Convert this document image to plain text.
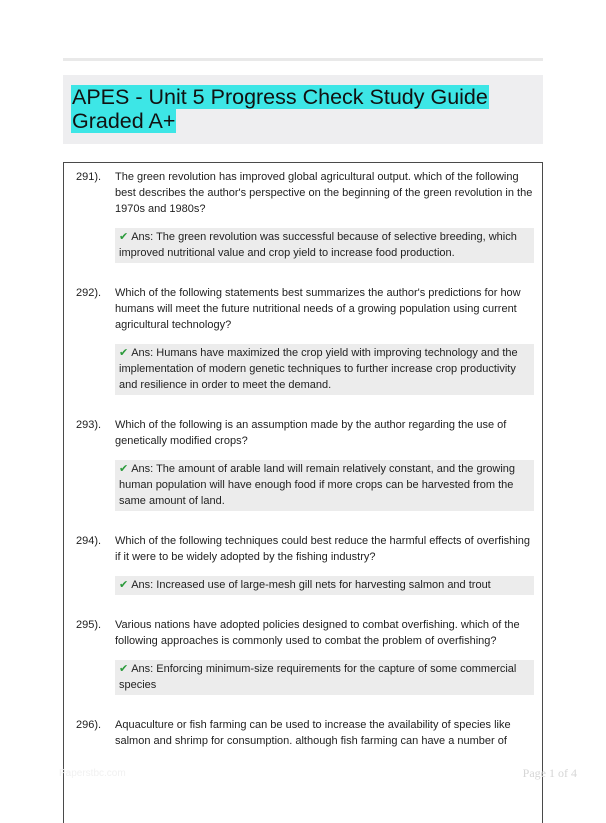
APES - Unit 5 Progress Check Study Guide Graded A+
291). The green revolution has improved global agricultural output. which of the following best describes the author's perspective on the beginning of the green revolution in the 1970s and 1980s?

✔ Ans: The green revolution was successful because of selective breeding, which improved nutritional value and crop yield to increase food production.
292). Which of the following statements best summarizes the author's predictions for how humans will meet the future nutritional needs of a growing population using current agricultural technology?

✔ Ans: Humans have maximized the crop yield with improving technology and the implementation of modern genetic techniques to further increase crop productivity and resilience in order to meet the demand.
293). Which of the following is an assumption made by the author regarding the use of genetically modified crops?

✔ Ans: The amount of arable land will remain relatively constant, and the growing human population will have enough food if more crops can be harvested from the same amount of land.
294). Which of the following techniques could best reduce the harmful effects of overfishing if it were to be widely adopted by the fishing industry?

✔ Ans: Increased use of large-mesh gill nets for harvesting salmon and trout
295). Various nations have adopted policies designed to combat overfishing. which of the following approaches is commonly used to combat the problem of overfishing?

✔ Ans: Enforcing minimum-size requirements for the capture of some commercial species
296). Aquaculture or fish farming can be used to increase the availability of species like salmon and shrimp for consumption. although fish farming can have a number of

Paperstbc.com	Page 1 of 4
